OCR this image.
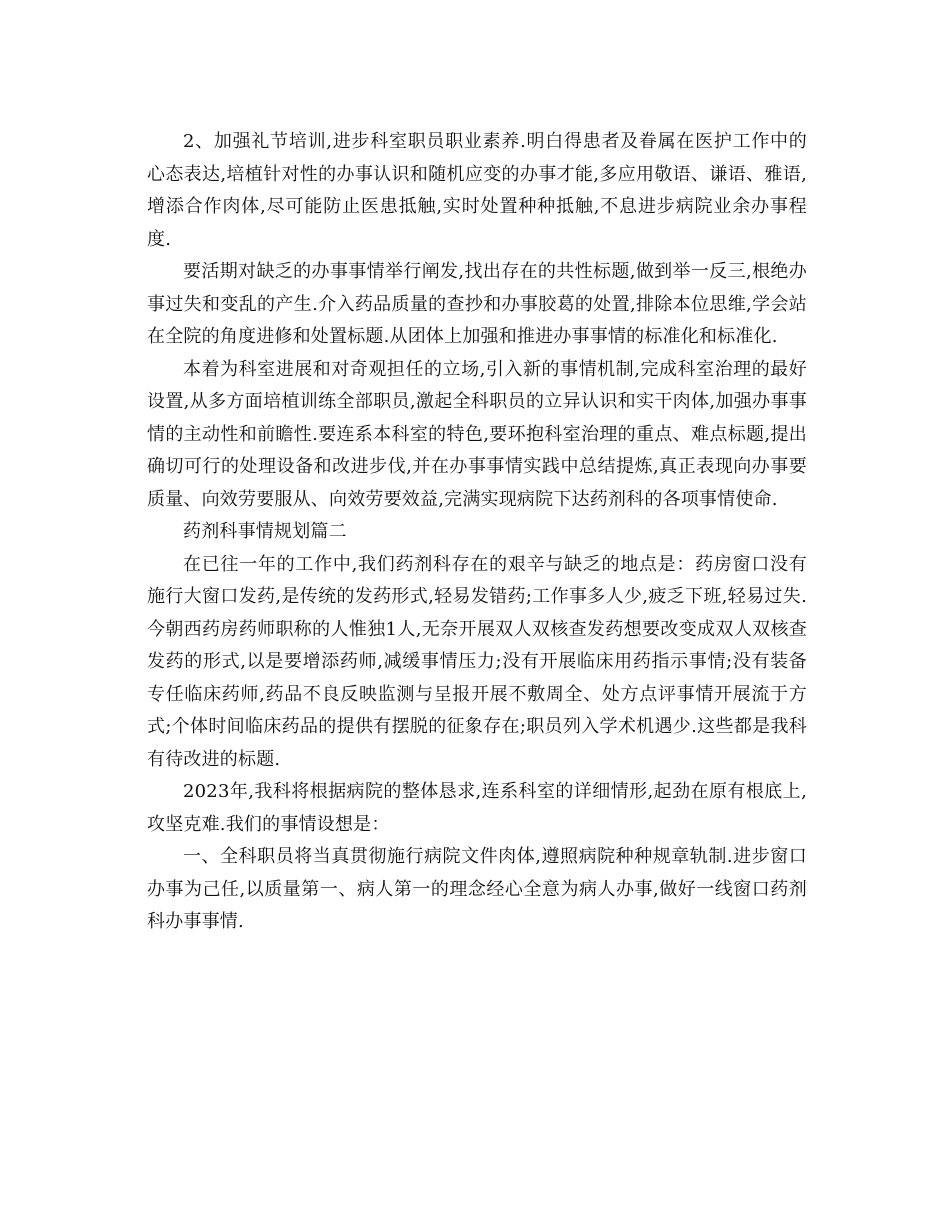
2、加强礼节培训,进步科室职员职业素养.明白得患者及眷属在医护工作中的心态表达,培植针对性的办事认识和随机应变的办事才能,多应用敬语、谦语、雅语,增添合作肉体,尽可能防止医患抵触,实时处置种种抵触,不息进步病院业余办事程度.

要活期对缺乏的办事事情举行阐发,找出存在的共性标题,做到举一反三,根绝办事过失和变乱的产生.介入药品质量的查抄和办事胶葛的处置,排除本位思维,学会站在全院的角度进修和处置标题.从团体上加强和推进办事事情的标准化和标准化.

本着为科室进展和对奇观担任的立场,引入新的事情机制,完成科室治理的最好设置,从多方面培植训练全部职员,激起全科职员的立异认识和实干肉体,加强办事事情的主动性和前瞻性.要连系本科室的特色,要环抱科室治理的重点、难点标题,提出确切可行的处理设备和改进步伐,并在办事事情实践中总结提炼,真正表现向办事要质量、向效劳要服从、向效劳要效益,完满实现病院下达药剂科的各项事情使命.

药剂科事情规划篇二

在已往一年的工作中,我们药剂科存在的艰辛与缺乏的地点是：药房窗口没有施行大窗口发药,是传统的发药形式,轻易发错药;工作事多人少,疲乏下班,轻易过失.今朝西药房药师职称的人惟独1人,无奈开展双人双核查发药想要改变成双人双核查发药的形式,以是要增添药师,减缓事情压力;没有开展临床用药指示事情;没有装备专任临床药师,药品不良反映监测与呈报开展不敷周全、处方点评事情开展流于方式;个体时间临床药品的提供有摆脱的征象存在;职员列入学术机遇少.这些都是我科有待改进的标题.

2023年,我科将根据病院的整体恳求,连系科室的详细情形,起劲在原有根底上,攻坚克难.我们的事情设想是：

一、全科职员将当真贯彻施行病院文件肉体,遵照病院种种规章轨制.进步窗口办事为己任,以质量第一、病人第一的理念经心全意为病人办事,做好一线窗口药剂科办事事情.
